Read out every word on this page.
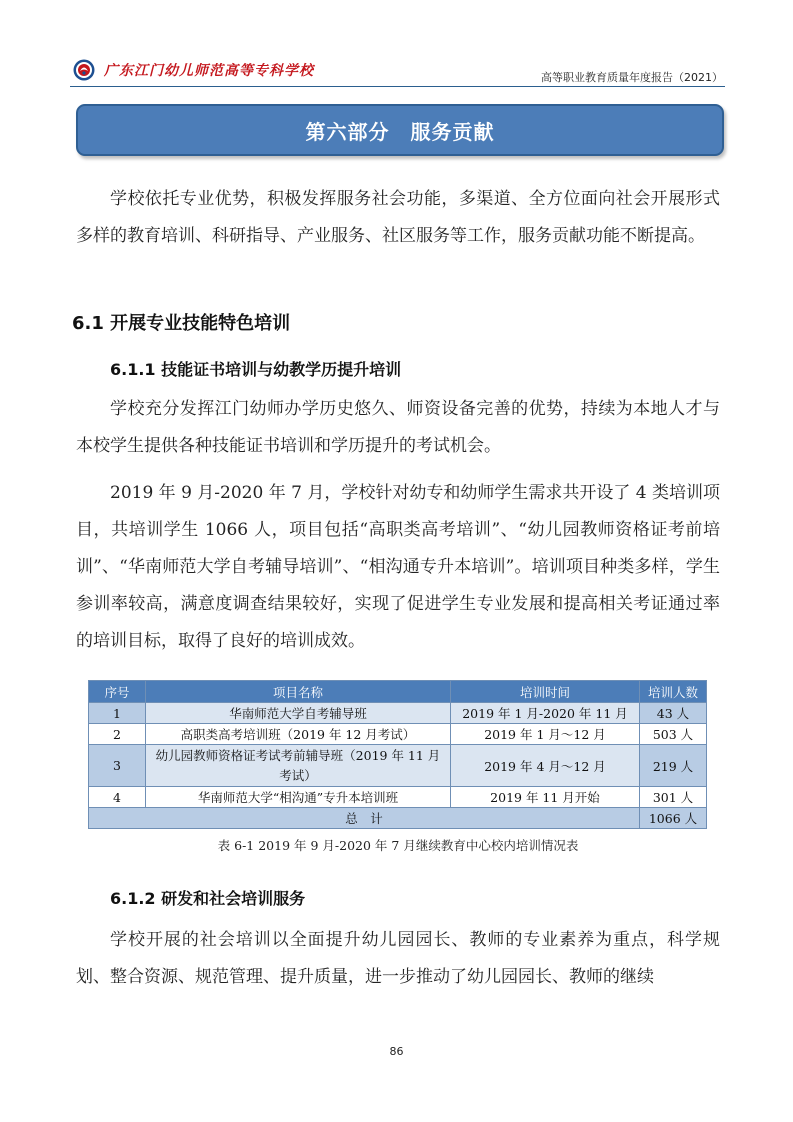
广东江门幼儿师范高等专科学校	高等职业教育质量年度报告（2021）
第六部分　服务贡献

学校依托专业优势，积极发挥服务社会功能，多渠道、全方位面向社会开展形式多样的教育培训、科研指导、产业服务、社区服务等工作，服务贡献功能不断提高。

6.1 开展专业技能特色培训
6.1.1 技能证书培训与幼教学历提升培训

学校充分发挥江门幼师办学历史悠久、师资设备完善的优势，持续为本地人才与本校学生提供各种技能证书培训和学历提升的考试机会。

2019 年 9 月-2020 年 7 月，学校针对幼专和幼师学生需求共开设了 4 类培训项目，共培训学生 1066 人，项目包括“高职类高考培训”、“幼儿园教师资格证考前培训”、“华南师范大学自考辅导培训”、“相沟通专升本培训”。培训项目种类多样，学生参训率较高，满意度调查结果较好，实现了促进学生专业发展和提高相关考证通过率的培训目标，取得了良好的培训成效。

序号	项目名称	培训时间	培训人数
1	华南师范大学自考辅导班	2019 年 1 月-2020 年 11 月	43 人
2	高职类高考培训班（2019 年 12 月考试）	2019 年 1 月～12 月	503 人
3	幼儿园教师资格证考试考前辅导班（2019 年 11 月考试）	2019 年 4 月～12 月	219 人
4	华南师范大学“相沟通”专升本培训班	2019 年 11 月开始	301 人
总　计			1066 人
表 6-1 2019 年 9 月-2020 年 7 月继续教育中心校内培训情况表
6.1.2 研发和社会培训服务

学校开展的社会培训以全面提升幼儿园园长、教师的专业素养为重点，科学规划、整合资源、规范管理、提升质量，进一步推动了幼儿园园长、教师的继续

86
